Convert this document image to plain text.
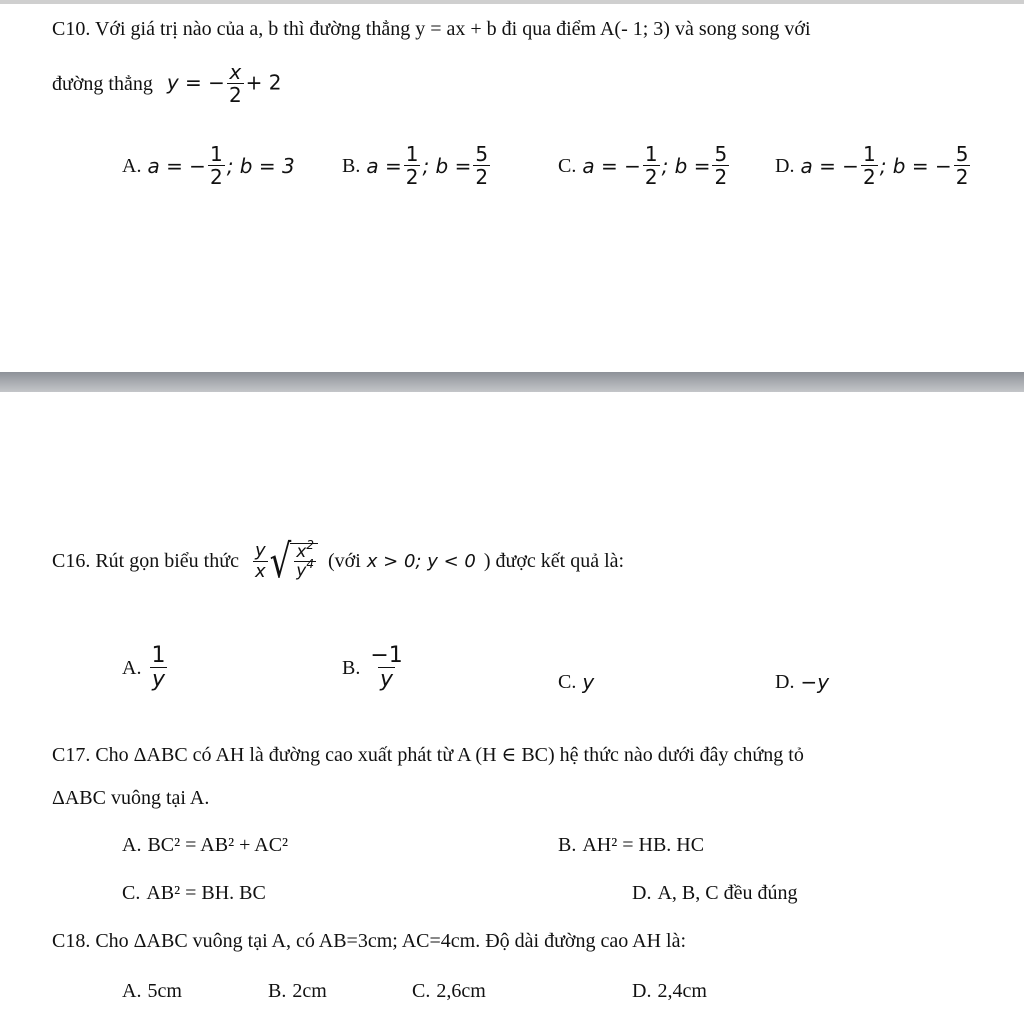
C10. Với giá trị nào của a, b thì đường thẳng y = ax + b đi qua điểm A(- 1; 3) và song song với
đường thẳng y = − $\frac{x}{2} + 2$
A. a = − $\frac{1}{2}$ ; b = 3 B. $a = \frac{1}{2}$ ; $b = \frac{5}{2}$	C. a = − $\frac{1}{2}$ ; $b = \frac{5}{2} D$. a = − $\frac{1}{2}$ ; b = − $\frac{5}{2}$
C16. Rút gọn biểu thức $\frac{y}{x}$ √ $\frac{x^2}{y^4}$ (với x > 0; y < 0 ) được kết quả là:
A. $\frac{1}{y}$	B. $\frac{-1}{y}$	C. y	D. −y
C17. Cho ΔABC có AH là đường cao xuất phát từ A (H ∈ BC) hệ thức nào dưới đây chứng tỏ
ΔABC vuông tại A.
A. BC² = AB² + AC²	B. AH² = HB. HC
C. AB² = BH. BC	D. A, B, C đều đúng
C18. Cho ΔABC vuông tại A, có AB=3cm; AC=4cm. Độ dài đường cao AH là:
A. 5cm	B. 2cm	C. 2,6cm	D. 2,4cm
